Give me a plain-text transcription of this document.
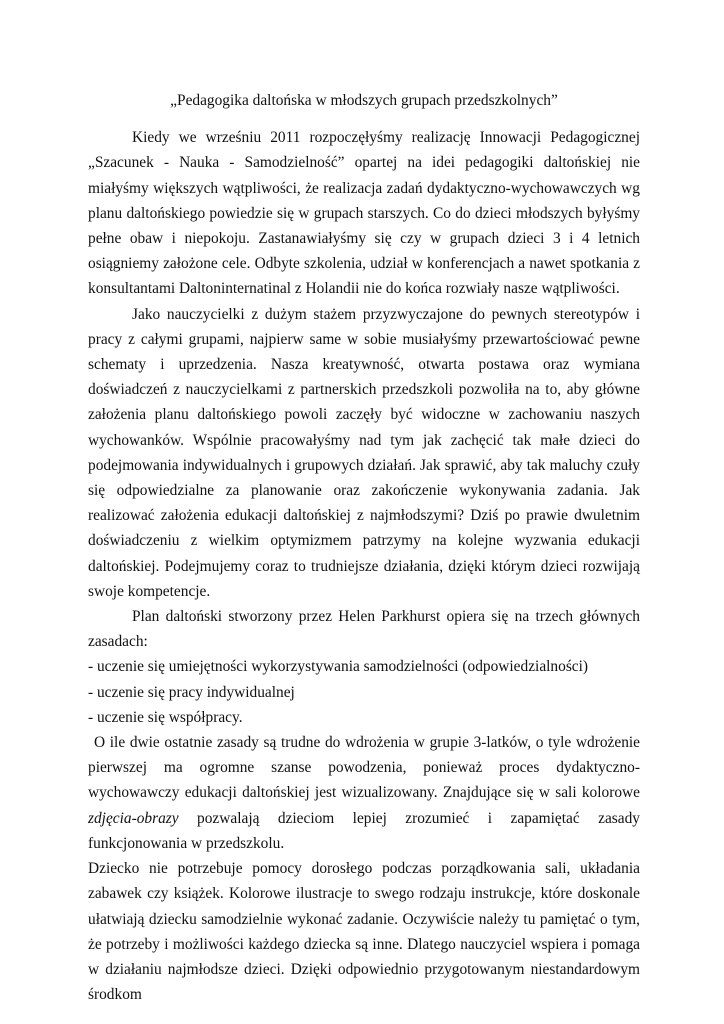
„Pedagogika daltońska w młodszych grupach przedszkolnych”

Kiedy we wrześniu 2011 rozpoczęłyśmy realizację Innowacji Pedagogicznej „Szacunek - Nauka - Samodzielność” opartej na idei pedagogiki daltońskiej nie miałyśmy większych wątpliwości, że realizacja zadań dydaktyczno-wychowawczych wg planu daltońskiego powiedzie się w grupach starszych. Co do dzieci młodszych byłyśmy pełne obaw i niepokoju. Zastanawiałyśmy się czy w grupach dzieci 3 i 4 letnich osiągniemy założone cele. Odbyte szkolenia, udział w konferencjach a nawet spotkania z konsultantami Daltoninternatinal z Holandii nie do końca rozwiały nasze wątpliwości.

Jako nauczycielki z dużym stażem przyzwyczajone do pewnych stereotypów i pracy z całymi grupami, najpierw same w sobie musiałyśmy przewartościować pewne schematy i uprzedzenia. Nasza kreatywność, otwarta postawa oraz wymiana doświadczeń z nauczycielkami z partnerskich przedszkoli pozwoliła na to, aby główne założenia planu daltońskiego powoli zaczęły być widoczne w zachowaniu naszych wychowanków. Wspólnie pracowałyśmy nad tym jak zachęcić tak małe dzieci do podejmowania indywidualnych i grupowych działań. Jak sprawić, aby tak maluchy czuły się odpowiedzialne za planowanie oraz zakończenie wykonywania zadania. Jak realizować założenia edukacji daltońskiej z najmłodszymi? Dziś po prawie dwuletnim doświadczeniu z wielkim optymizmem patrzymy na kolejne wyzwania edukacji daltońskiej. Podejmujemy coraz to trudniejsze działania, dzięki którym dzieci rozwijają swoje kompetencje.

Plan daltoński stworzony przez Helen Parkhurst opiera się na trzech głównych zasadach:

- uczenie się umiejętności wykorzystywania samodzielności (odpowiedzialności)

- uczenie się pracy indywidualnej

- uczenie się współpracy.

O ile dwie ostatnie zasady są trudne do wdrożenia w grupie 3-latków, o tyle wdrożenie pierwszej ma ogromne szanse powodzenia, ponieważ proces dydaktyczno-wychowawczy edukacji daltońskiej jest wizualizowany. Znajdujące się w sali kolorowe zdjęcia-obrazy pozwalają dzieciom lepiej zrozumieć i zapamiętać zasady funkcjonowania w przedszkolu.

Dziecko nie potrzebuje pomocy dorosłego podczas porządkowania sali, układania zabawek czy książek. Kolorowe ilustracje to swego rodzaju instrukcje, które doskonale ułatwiają dziecku samodzielnie wykonać zadanie. Oczywiście należy tu pamiętać o tym, że potrzeby i możliwości każdego dziecka są inne. Dlatego nauczyciel wspiera i pomaga w działaniu najmłodsze dzieci. Dzięki odpowiednio przygotowanym niestandardowym środkom
